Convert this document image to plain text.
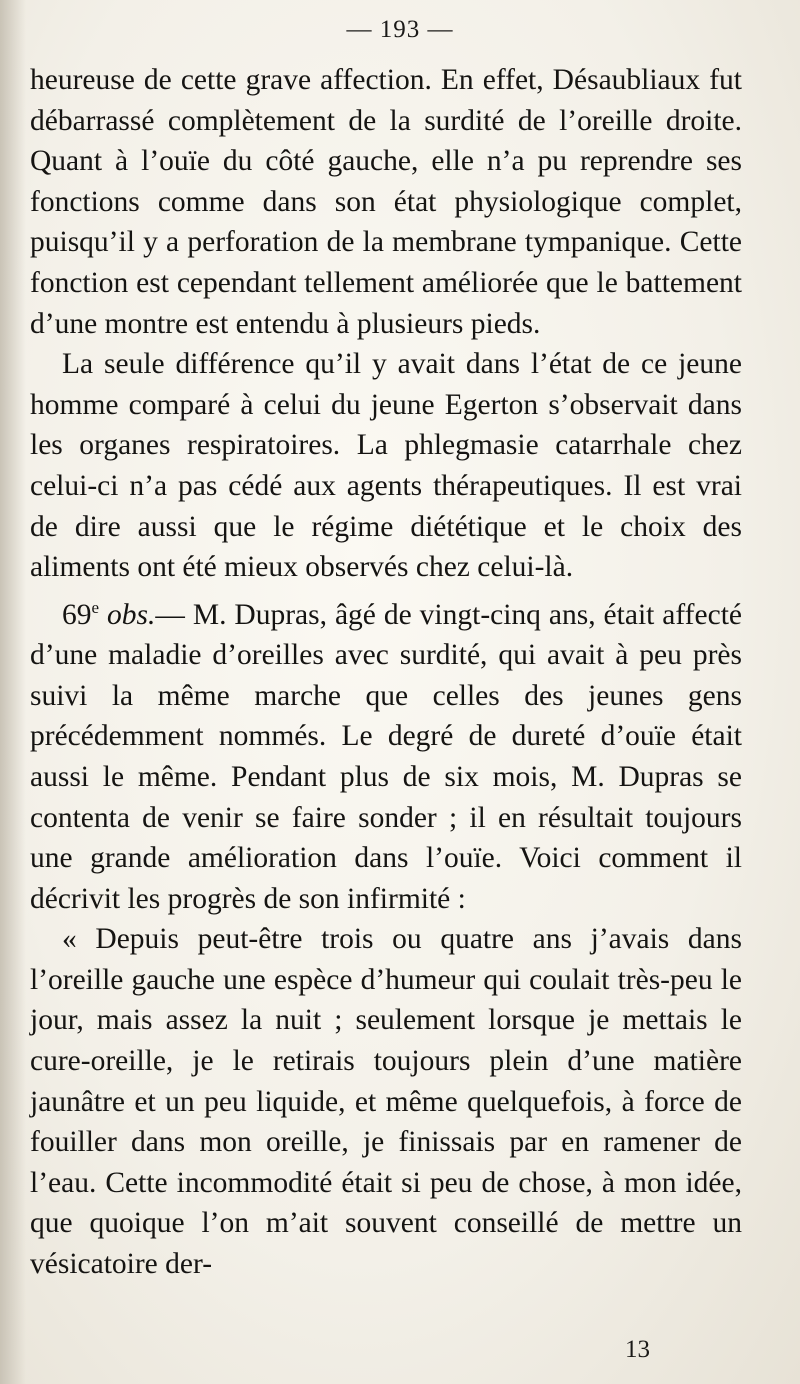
— 193 —

heureuse de cette grave affection. En effet, Désaubliaux fut débarrassé complètement de la surdité de l’oreille droite. Quant à l’ouïe du côté gauche, elle n’a pu reprendre ses fonctions comme dans son état physiologique complet, puisqu’il y a perforation de la membrane tympanique. Cette fonction est cependant tellement améliorée que le battement d’une montre est entendu à plusieurs pieds.

La seule différence qu’il y avait dans l’état de ce jeune homme comparé à celui du jeune Egerton s’observait dans les organes respiratoires. La phlegmasie catarrhale chez celui-ci n’a pas cédé aux agents thérapeutiques. Il est vrai de dire aussi que le régime diététique et le choix des aliments ont été mieux observés chez celui-là.

69e obs.— M. Dupras, âgé de vingt-cinq ans, était affecté d’une maladie d’oreilles avec surdité, qui avait à peu près suivi la même marche que celles des jeunes gens précédemment nommés. Le degré de dureté d’ouïe était aussi le même. Pendant plus de six mois, M. Dupras se contenta de venir se faire sonder ; il en résultait toujours une grande amélioration dans l’ouïe. Voici comment il décrivit les progrès de son infirmité :

« Depuis peut-être trois ou quatre ans j’avais dans l’oreille gauche une espèce d’humeur qui coulait très-peu le jour, mais assez la nuit ; seulement lorsque je mettais le cure-oreille, je le retirais toujours plein d’une matière jaunâtre et un peu liquide, et même quelquefois, à force de fouiller dans mon oreille, je finissais par en ramener de l’eau. Cette incommodité était si peu de chose, à mon idée, que quoique l’on m’ait souvent conseillé de mettre un vésicatoire der-

13
